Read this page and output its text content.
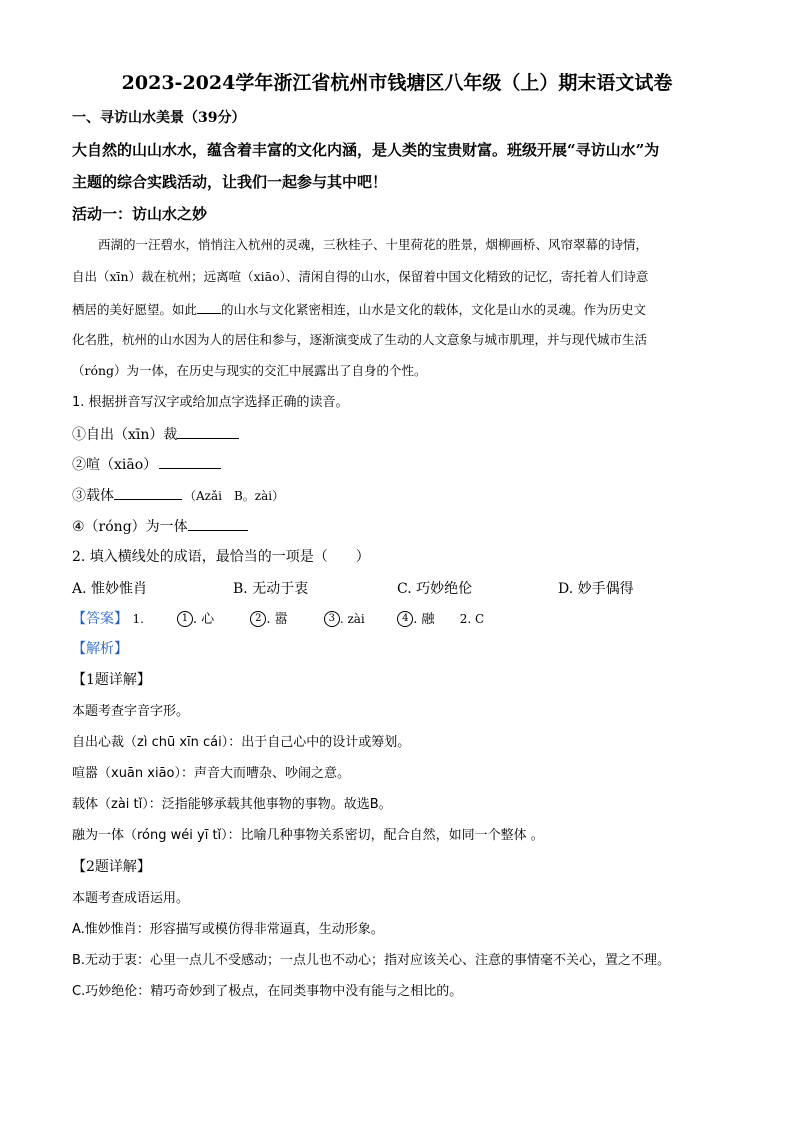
2023-2024学年浙江省杭州市钱塘区八年级（上）期末语文试卷
一、寻访山水美景（39分）
大自然的山山水水，蕴含着丰富的文化内涵，是人类的宝贵财富。班级开展“寻访山水”为
主题的综合实践活动，让我们一起参与其中吧！
活动一：访山水之妙
西湖的一汪碧水，悄悄注入杭州的灵魂，三秋桂子、十里荷花的胜景，烟柳画桥、风帘翠幕的诗情，
自出（xīn）裁在杭州；远离喧（xiāo）、清闲自得的山水，保留着中国文化精致的记忆，寄托着人们诗意
栖居的美好愿望。如此 的山水与文化紧密相连，山水是文化的载体，文化是山水的灵魂。作为历史文
化名胜，杭州的山水因为人的居住和参与，逐渐演变成了生动的人文意象与城市肌理，并与现代城市生活
（róng）为一体，在历史与现实的交汇中展露出了自身的个性。
1. 根据拼音写汉字或给加点字选择正确的读音。
①自出（xīn）裁
②喧（xiāo）
③载体	（Azǎi　B。zài）
④（róng）为一体
2. 填入横线处的成语，最恰当的一项是（　　）
A. 惟妙惟肖	B. 无动于衷	C. 巧妙绝伦	D. 妙手偶得
【答案】 1.	1 . 心	2 . 嚣	3 . zài	4 . 融 2. C
【解析】
【1题详解】
本题考查字音字形。
自出心裁（zì chū xīn cái）：出于自己心中的设计或筹划。
喧嚣（xuān xiāo）：声音大而嘈杂、吵闹之意。
载体（zài tǐ）：泛指能够承载其他事物的事物。故选B。
融为一体（róng wéi yī tǐ）：比喻几种事物关系密切，配合自然，如同一个整体 。
【2题详解】
本题考查成语运用。
A.惟妙惟肖：形容描写或模仿得非常逼真，生动形象。
B.无动于衷：心里一点儿不受感动；一点儿也不动心；指对应该关心、注意的事情毫不关心，置之不理。
C.巧妙绝伦：精巧奇妙到了极点，在同类事物中没有能与之相比的。
